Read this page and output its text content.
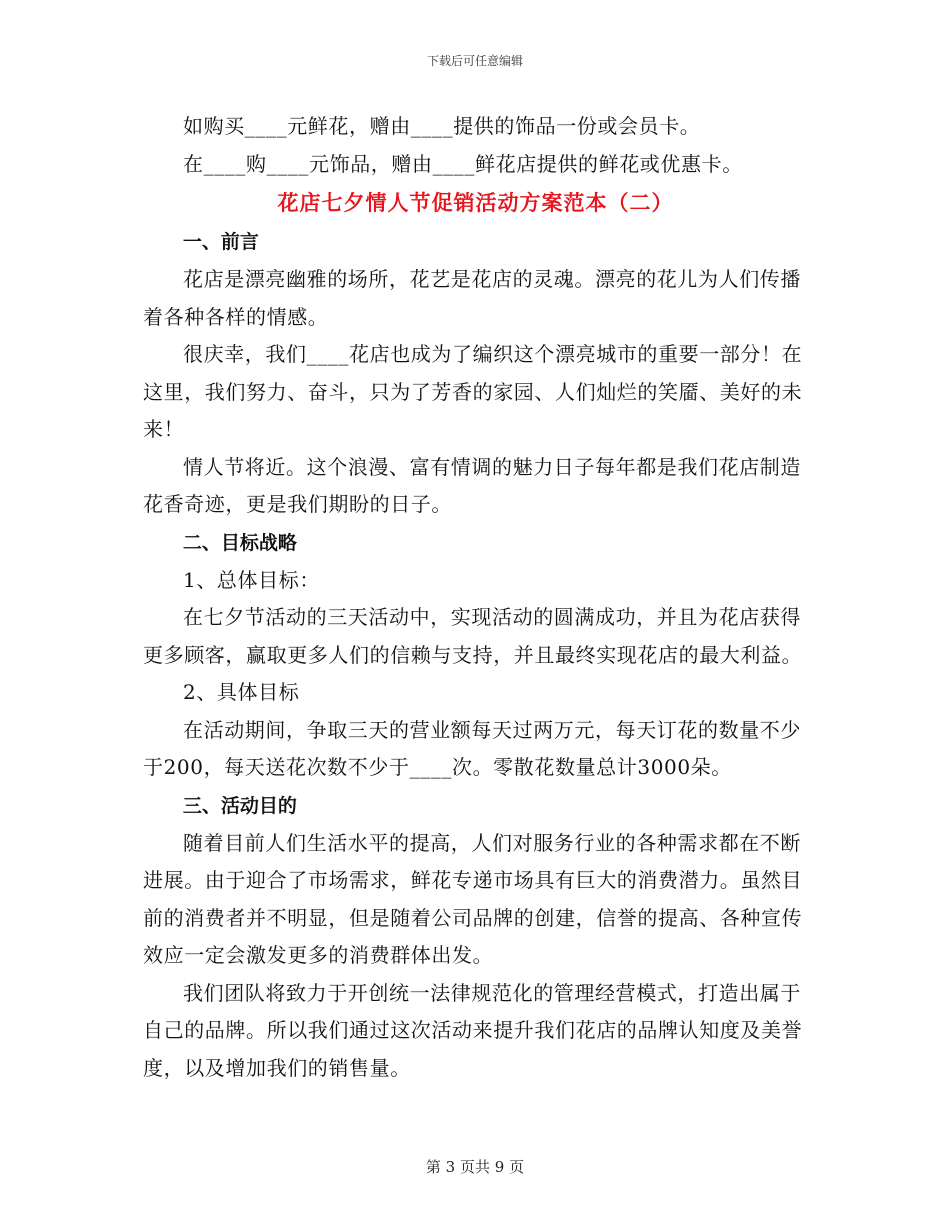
下载后可任意编辑

如购买____元鲜花，赠由____提供的饰品一份或会员卡。

在____购____元饰品，赠由____鲜花店提供的鲜花或优惠卡。

花店七夕情人节促销活动方案范本（二）

一、前言

花店是漂亮幽雅的场所，花艺是花店的灵魂。漂亮的花儿为人们传播着各种各样的情感。

很庆幸，我们____花店也成为了编织这个漂亮城市的重要一部分！在这里，我们努力、奋斗，只为了芳香的家园、人们灿烂的笑靥、美好的未来！

情人节将近。这个浪漫、富有情调的魅力日子每年都是我们花店制造花香奇迹，更是我们期盼的日子。

二、目标战略

1、总体目标：

在七夕节活动的三天活动中，实现活动的圆满成功，并且为花店获得更多顾客，赢取更多人们的信赖与支持，并且最终实现花店的最大利益。

2、具体目标

在活动期间，争取三天的营业额每天过两万元，每天订花的数量不少于200，每天送花次数不少于____次。零散花数量总计3000朵。

三、活动目的

随着目前人们生活水平的提高，人们对服务行业的各种需求都在不断进展。由于迎合了市场需求，鲜花专递市场具有巨大的消费潜力。虽然目前的消费者并不明显，但是随着公司品牌的创建，信誉的提高、各种宣传效应一定会激发更多的消费群体出发。

我们团队将致力于开创统一法律规范化的管理经营模式，打造出属于自己的品牌。所以我们通过这次活动来提升我们花店的品牌认知度及美誉度，以及增加我们的销售量。

第 3 页共 9 页
